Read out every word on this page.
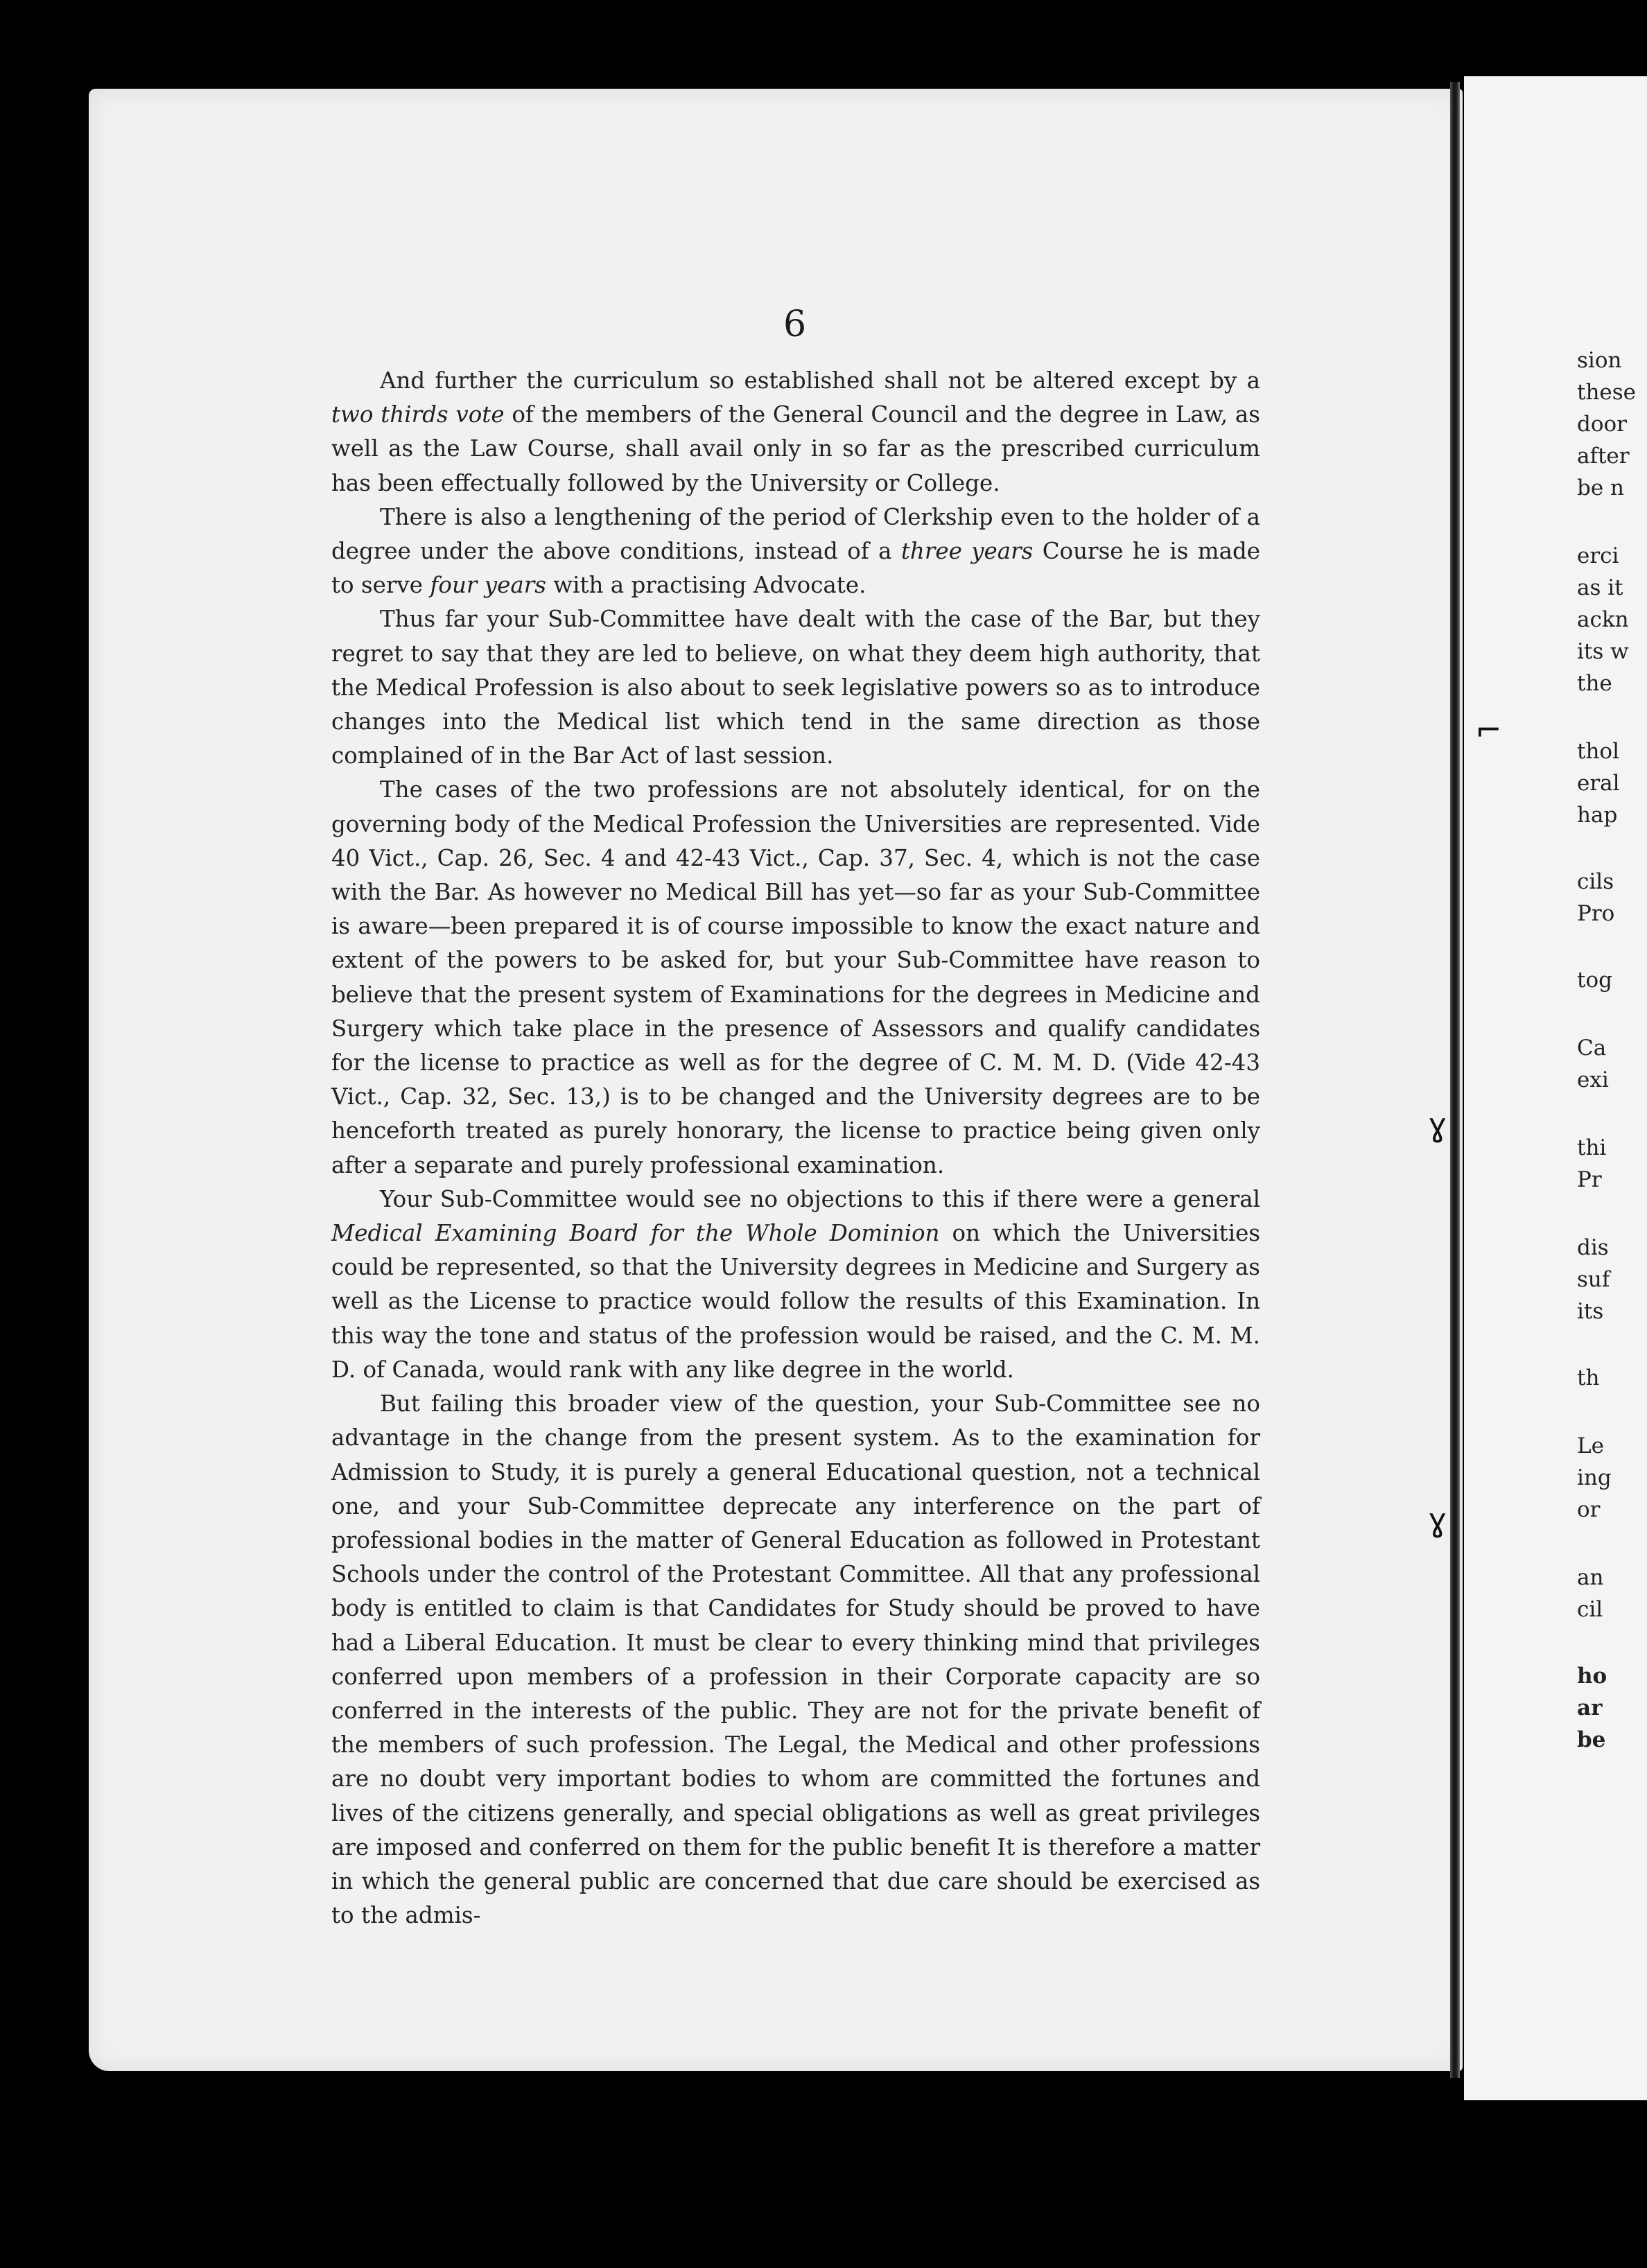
⌐
ɣ
ɣ
6

And further the curriculum so established shall not be altered except by a two thirds vote of the members of the General Council and the degree in Law, as well as the Law Course, shall avail only in so far as the prescribed curriculum has been effectually followed by the University or College.

There is also a lengthening of the period of Clerkship even to the holder of a degree under the above conditions, instead of a three years Course he is made to serve four years with a practising Advocate.

Thus far your Sub-Committee have dealt with the case of the Bar, but they regret to say that they are led to believe, on what they deem high authority, that the Medical Profession is also about to seek legislative powers so as to introduce changes into the Medical list which tend in the same direction as those complained of in the Bar Act of last session.

The cases of the two professions are not absolutely identical, for on the governing body of the Medical Profession the Universities are represented. Vide 40 Vict., Cap. 26, Sec. 4 and 42-43 Vict., Cap. 37, Sec. 4, which is not the case with the Bar. As however no Medical Bill has yet—so far as your Sub-Committee is aware—been prepared it is of course impossible to know the exact nature and extent of the powers to be asked for, but your Sub-Committee have reason to believe that the present system of Examinations for the degrees in Medicine and Surgery which take place in the presence of Assessors and qualify candidates for the license to practice as well as for the degree of C. M. M. D. (Vide 42-43 Vict., Cap. 32, Sec. 13,) is to be changed and the University degrees are to be henceforth treated as purely honorary, the license to practice being given only after a separate and purely professional examination.

Your Sub-Committee would see no objections to this if there were a general Medical Examining Board for the Whole Dominion on which the Universities could be represented, so that the University degrees in Medicine and Surgery as well as the License to practice would follow the results of this Examination. In this way the tone and status of the profession would be raised, and the C. M. M. D. of Canada, would rank with any like degree in the world.

But failing this broader view of the question, your Sub-Committee see no advantage in the change from the present system. As to the examination for Admission to Study, it is purely a general Educational question, not a technical one, and your Sub-Committee deprecate any interference on the part of professional bodies in the matter of General Education as followed in Protestant Schools under the control of the Protestant Committee. All that any professional body is entitled to claim is that Candidates for Study should be proved to have had a Liberal Education. It must be clear to every thinking mind that privileges conferred upon members of a profession in their Corporate capacity are so conferred in the interests of the public. They are not for the private benefit of the members of such profession. The Legal, the Medical and other professions are no doubt very important bodies to whom are committed the fortunes and lives of the citizens generally, and special obligations as well as great privileges are imposed and conferred on them for the public benefit It is therefore a matter in which the general public are concerned that due care should be exercised as to the admis-

sion
these
door
after
be n
erci
as it
ackn
its w
the
thol
eral
hap
cils
Pro
tog
Ca
exi
thi
Pr
dis
suf
its
th
Le
ing
or
an
cil
ho
ar
be
